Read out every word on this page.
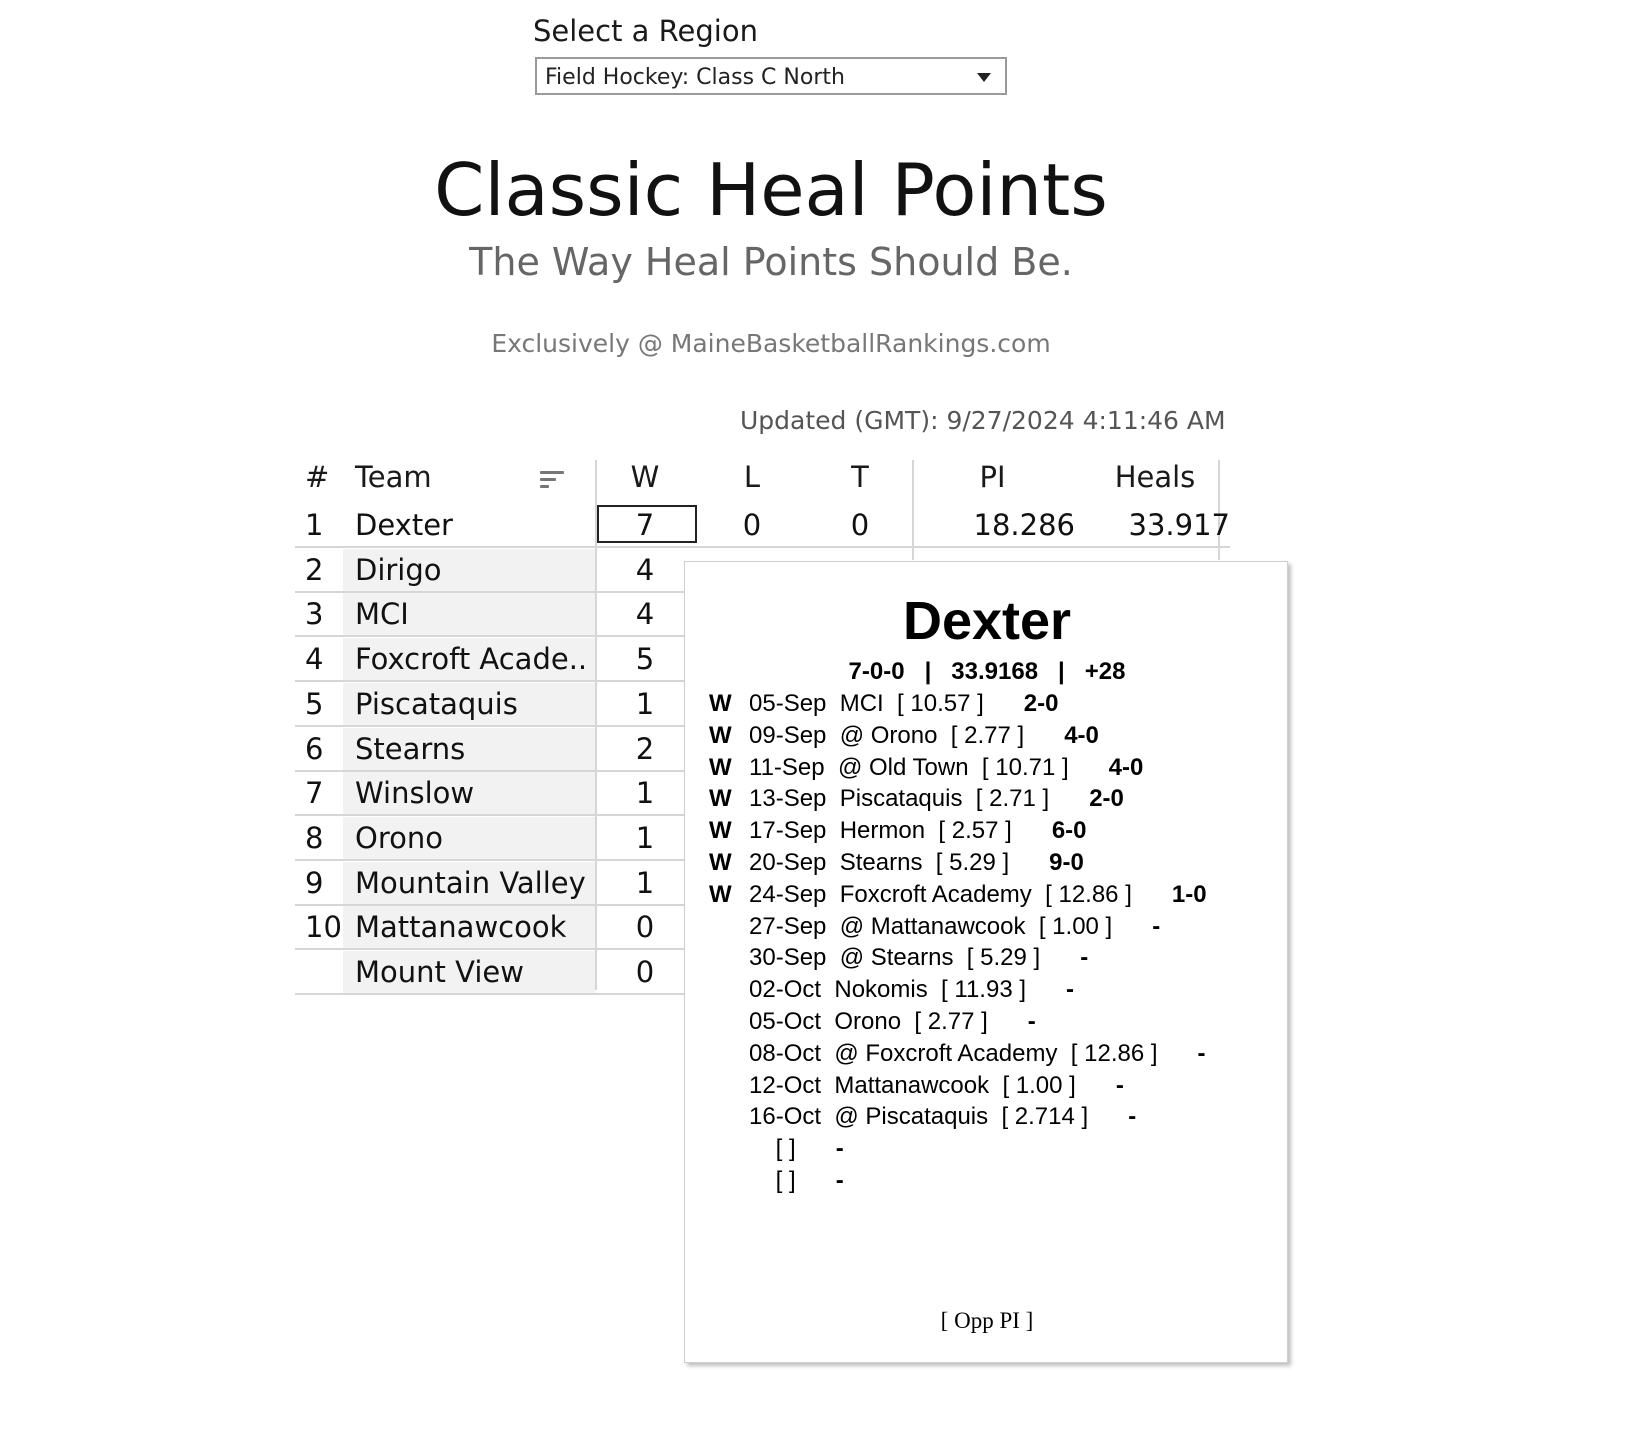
Select a Region
Field Hockey: Class C North
Classic Heal Points
The Way Heal Points Should Be.
Exclusively @ MaineBasketballRankings.com
Updated (GMT): 9/27/2024 4:11:46 AM
# Team	W	L	T	PI	Heals
1 Dexter	7	0	0	18.286	33.917
2 Dirigo	4
3 MCI	4
4 Foxcroft Acade..	5
5 Piscataquis	1
6 Stearns	2
7 Winslow	1
8 Orono	1
9 Mountain Valley	1
10 Mattanawcook	0
Mount View	0
Dexter
7-0-0   |   33.9168   |   +28
W 05-Sep  MCI  [ 10.57 ]      2-0
W 09-Sep  @ Orono  [ 2.77 ]      4-0
W 11-Sep  @ Old Town  [ 10.71 ]      4-0
W 13-Sep  Piscataquis  [ 2.71 ]      2-0
W 17-Sep  Hermon  [ 2.57 ]      6-0
W 20-Sep  Stearns  [ 5.29 ]      9-0
W 24-Sep  Foxcroft Academy  [ 12.86 ]      1-0
27-Sep  @ Mattanawcook  [ 1.00 ]      -
30-Sep  @ Stearns  [ 5.29 ]      -
02-Oct  Nokomis  [ 11.93 ]      -
05-Oct  Orono  [ 2.77 ]      -
08-Oct  @ Foxcroft Academy  [ 12.86 ]      -
12-Oct  Mattanawcook  [ 1.00 ]      -
16-Oct  @ Piscataquis  [ 2.714 ]      -
[ ]      -
[ ]      -
[ Opp PI ]
